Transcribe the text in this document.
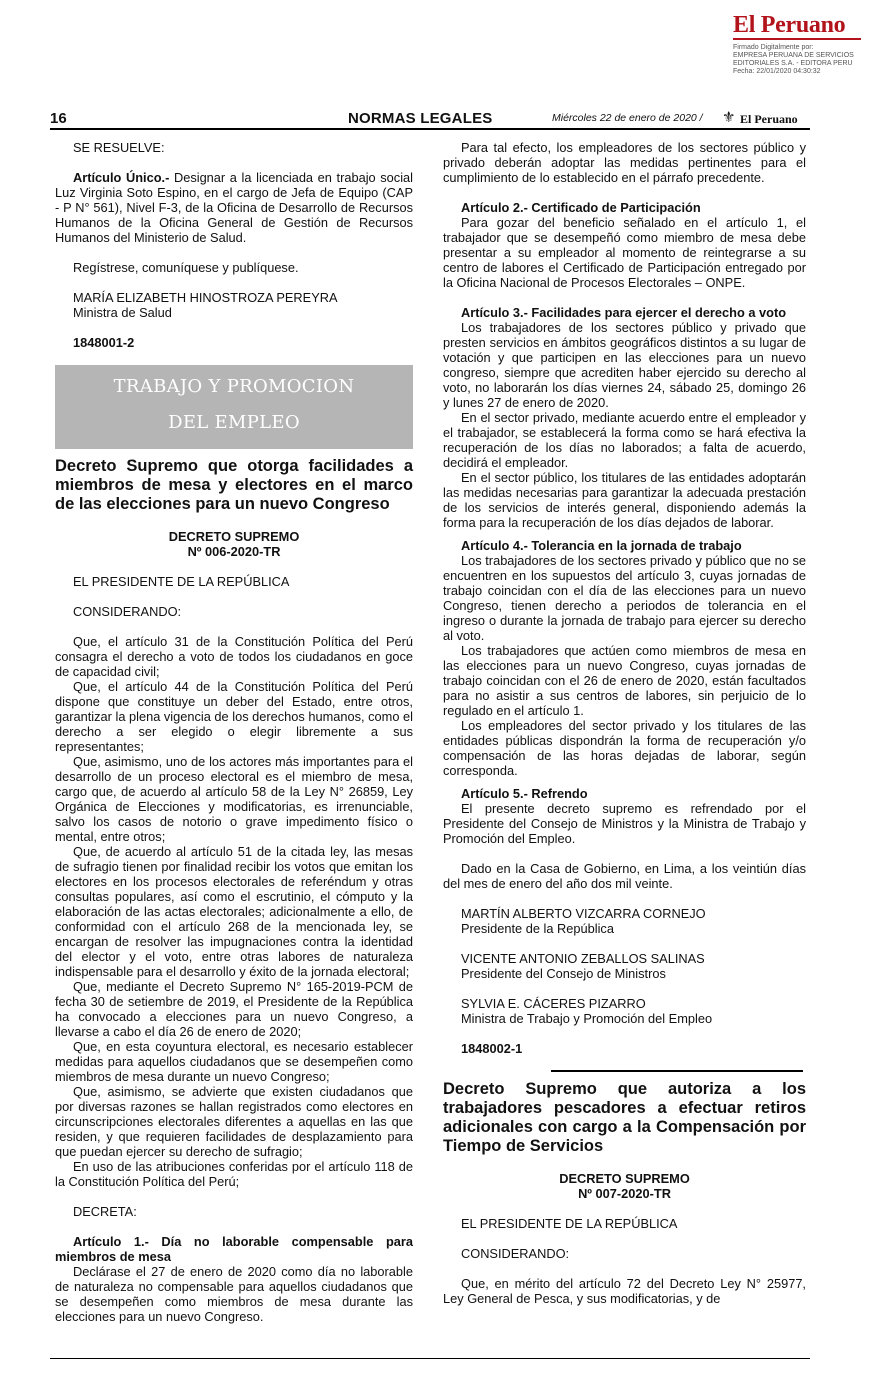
El Peruano
Firmado Digitalmente por:
EMPRESA PERUANA DE SERVICIOS
EDITORIALES S.A. - EDITORA PERU
Fecha: 22/01/2020 04:30:32
16	NORMAS LEGALES	Miércoles 22 de enero de 2020 / ⚜ El Peruano

SE RESUELVE:

Artículo Único.- Designar a la licenciada en trabajo social Luz Virginia Soto Espino, en el cargo de Jefa de Equipo (CAP - P N° 561), Nivel F-3, de la Oficina de Desarrollo de Recursos Humanos de la Oficina General de Gestión de Recursos Humanos del Ministerio de Salud.

Regístrese, comuníquese y publíquese.

MARÍA ELIZABETH HINOSTROZA PEREYRA

Ministra de Salud

1848001-2

TRABAJO Y PROMOCION
DEL EMPLEO

Decreto Supremo que otorga facilidades a miembros de mesa y electores en el marco de las elecciones para un nuevo Congreso

DECRETO SUPREMO

Nº 006-2020-TR

EL PRESIDENTE DE LA REPÚBLICA

CONSIDERANDO:

Que, el artículo 31 de la Constitución Política del Perú consagra el derecho a voto de todos los ciudadanos en goce de capacidad civil;

Que, el artículo 44 de la Constitución Política del Perú dispone que constituye un deber del Estado, entre otros, garantizar la plena vigencia de los derechos humanos, como el derecho a ser elegido o elegir libremente a sus representantes;

Que, asimismo, uno de los actores más importantes para el desarrollo de un proceso electoral es el miembro de mesa, cargo que, de acuerdo al artículo 58 de la Ley N° 26859, Ley Orgánica de Elecciones y modificatorias, es irrenunciable, salvo los casos de notorio o grave impedimento físico o mental, entre otros;

Que, de acuerdo al artículo 51 de la citada ley, las mesas de sufragio tienen por finalidad recibir los votos que emitan los electores en los procesos electorales de referéndum y otras consultas populares, así como el escrutinio, el cómputo y la elaboración de las actas electorales; adicionalmente a ello, de conformidad con el artículo 268 de la mencionada ley, se encargan de resolver las impugnaciones contra la identidad del elector y el voto, entre otras labores de naturaleza indispensable para el desarrollo y éxito de la jornada electoral;

Que, mediante el Decreto Supremo N° 165-2019-PCM de fecha 30 de setiembre de 2019, el Presidente de la República ha convocado a elecciones para un nuevo Congreso, a llevarse a cabo el día 26 de enero de 2020;

Que, en esta coyuntura electoral, es necesario establecer medidas para aquellos ciudadanos que se desempeñen como miembros de mesa durante un nuevo Congreso;

Que, asimismo, se advierte que existen ciudadanos que por diversas razones se hallan registrados como electores en circunscripciones electorales diferentes a aquellas en las que residen, y que requieren facilidades de desplazamiento para que puedan ejercer su derecho de sufragio;

En uso de las atribuciones conferidas por el artículo 118 de la Constitución Política del Perú;

DECRETA:

Artículo 1.- Día no laborable compensable para miembros de mesa

Declárase el 27 de enero de 2020 como día no laborable de naturaleza no compensable para aquellos ciudadanos que se desempeñen como miembros de mesa durante las elecciones para un nuevo Congreso.

Para tal efecto, los empleadores de los sectores público y privado deberán adoptar las medidas pertinentes para el cumplimiento de lo establecido en el párrafo precedente.

Artículo 2.- Certificado de Participación

Para gozar del beneficio señalado en el artículo 1, el trabajador que se desempeñó como miembro de mesa debe presentar a su empleador al momento de reintegrarse a su centro de labores el Certificado de Participación entregado por la Oficina Nacional de Procesos Electorales – ONPE.

Artículo 3.- Facilidades para ejercer el derecho a voto

Los trabajadores de los sectores público y privado que presten servicios en ámbitos geográficos distintos a su lugar de votación y que participen en las elecciones para un nuevo congreso, siempre que acrediten haber ejercido su derecho al voto, no laborarán los días viernes 24, sábado 25, domingo 26 y lunes 27 de enero de 2020.

En el sector privado, mediante acuerdo entre el empleador y el trabajador, se establecerá la forma como se hará efectiva la recuperación de los días no laborados; a falta de acuerdo, decidirá el empleador.

En el sector público, los titulares de las entidades adoptarán las medidas necesarias para garantizar la adecuada prestación de los servicios de interés general, disponiendo además la forma para la recuperación de los días dejados de laborar.

Artículo 4.- Tolerancia en la jornada de trabajo

Los trabajadores de los sectores privado y público que no se encuentren en los supuestos del artículo 3, cuyas jornadas de trabajo coincidan con el día de las elecciones para un nuevo Congreso, tienen derecho a periodos de tolerancia en el ingreso o durante la jornada de trabajo para ejercer su derecho al voto.

Los trabajadores que actúen como miembros de mesa en las elecciones para un nuevo Congreso, cuyas jornadas de trabajo coincidan con el 26 de enero de 2020, están facultados para no asistir a sus centros de labores, sin perjuicio de lo regulado en el artículo 1.

Los empleadores del sector privado y los titulares de las entidades públicas dispondrán la forma de recuperación y/o compensación de las horas dejadas de laborar, según corresponda.

Artículo 5.- Refrendo

El presente decreto supremo es refrendado por el Presidente del Consejo de Ministros y la Ministra de Trabajo y Promoción del Empleo.

Dado en la Casa de Gobierno, en Lima, a los veintiún días del mes de enero del año dos mil veinte.

MARTÍN ALBERTO VIZCARRA CORNEJO

Presidente de la República

VICENTE ANTONIO ZEBALLOS SALINAS

Presidente del Consejo de Ministros

SYLVIA E. CÁCERES PIZARRO

Ministra de Trabajo y Promoción del Empleo

1848002-1

Decreto Supremo que autoriza a los trabajadores pescadores a efectuar retiros adicionales con cargo a la Compensación por Tiempo de Servicios

DECRETO SUPREMO

Nº 007-2020-TR

EL PRESIDENTE DE LA REPÚBLICA

CONSIDERANDO:

Que, en mérito del artículo 72 del Decreto Ley N° 25977, Ley General de Pesca, y sus modificatorias, y de
